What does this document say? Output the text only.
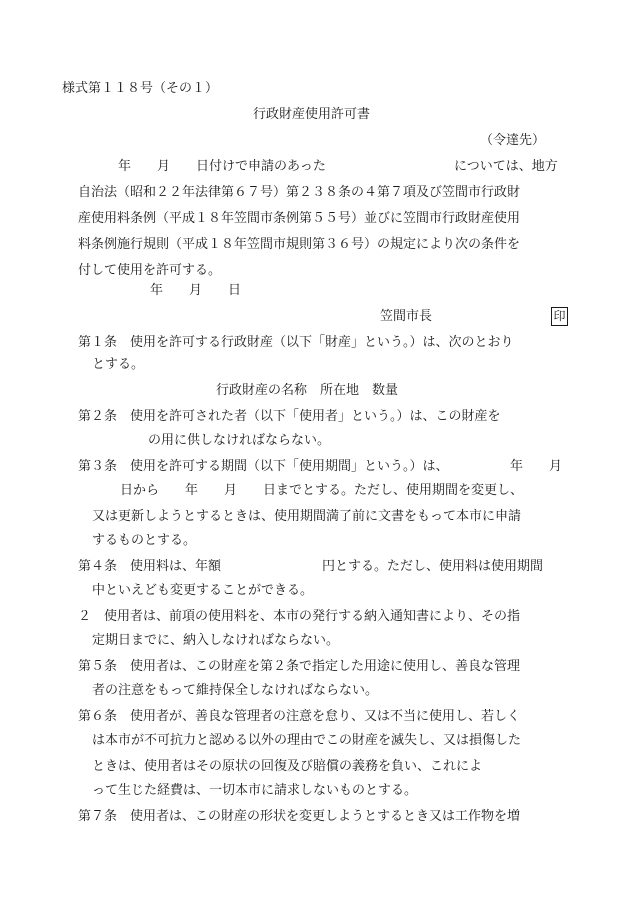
様式第１１８号（その１）
行政財産使用許可書
（令達先）
年　　月　　日付けで申請のあった	については、地方
自治法（昭和２２年法律第６７号）第２３８条の４第７項及び笠間市行政財
産使用料条例（平成１８年笠間市条例第５５号）並びに笠間市行政財産使用
料条例施行規則（平成１８年笠間市規則第３６号）の規定により次の条件を
付して使用を許可する。
年　　月　　日
笠間市長	印
第１条　使用を許可する行政財産（以下「財産」という。）は、次のとおり
とする。
行政財産の名称　所在地　数量
第２条　使用を許可された者（以下「使用者」という。）は、この財産を
の用に供しなければならない。
第３条　使用を許可する期間（以下「使用期間」という。）は、	年　　月
日から　　年　　月　　日までとする。ただし、使用期間を変更し、
又は更新しようとするときは、使用期間満了前に文書をもって本市に申請
するものとする。
第４条　使用料は、年額	円とする。ただし、使用料は使用期間
中といえども変更することができる。
２　使用者は、前項の使用料を、本市の発行する納入通知書により、その指
定期日までに、納入しなければならない。
第５条　使用者は、この財産を第２条で指定した用途に使用し、善良な管理
者の注意をもって維持保全しなければならない。
第６条　使用者が、善良な管理者の注意を怠り、又は不当に使用し、若しく
は本市が不可抗力と認める以外の理由でこの財産を滅失し、又は損傷した
ときは、使用者はその原状の回復及び賠償の義務を負い、これによ
って生じた経費は、一切本市に請求しないものとする。
第７条　使用者は、この財産の形状を変更しようとするとき又は工作物を増
